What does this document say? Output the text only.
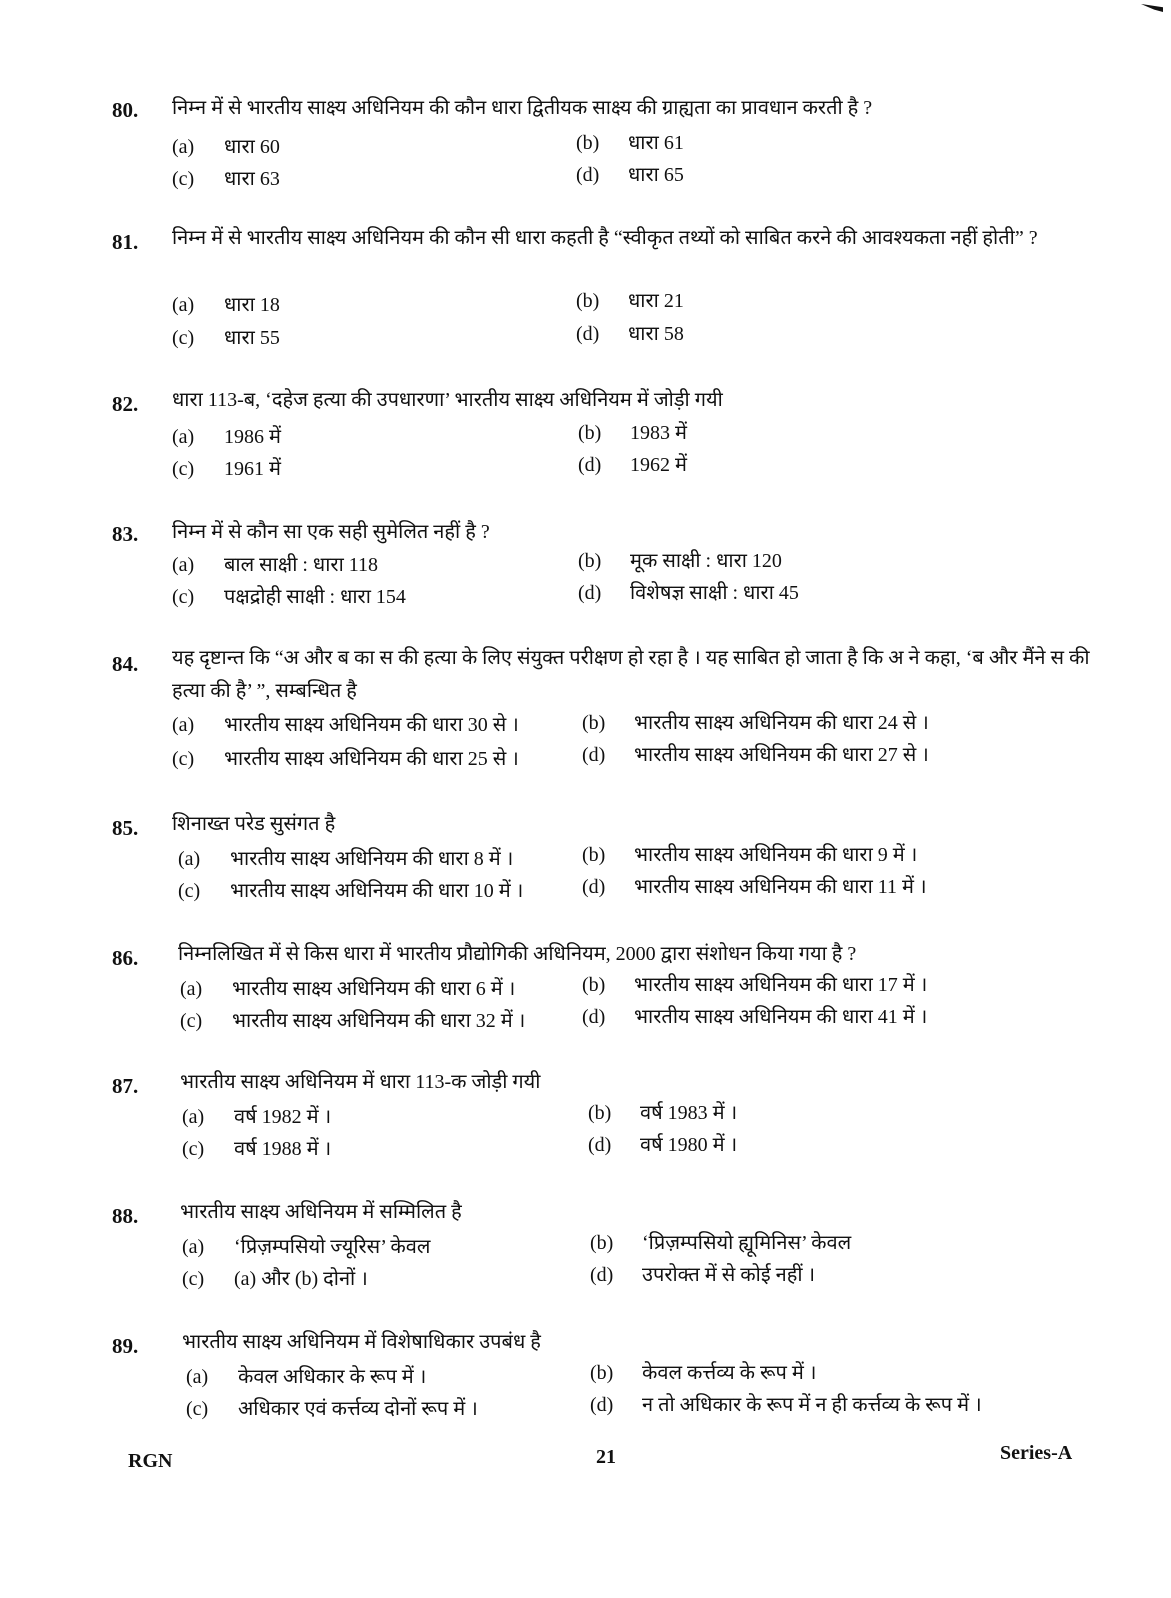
80. निम्न में से भारतीय साक्ष्य अधिनियम की कौन धारा द्वितीयक साक्ष्य की ग्राह्यता का प्रावधान करती है ?
(a) धारा 60	(b) धारा 61
(c) धारा 63	(d) धारा 65
81. निम्न में से भारतीय साक्ष्य अधिनियम की कौन सी धारा कहती है “स्वीकृत तथ्यों को साबित करने की आवश्यकता नहीं होती” ?
(a) धारा 18	(b) धारा 21
(c) धारा 55	(d) धारा 58
82. धारा 113-ब, ‘दहेज हत्या की उपधारणा’ भारतीय साक्ष्य अधिनियम में जोड़ी गयी
(a) 1986 में	(b) 1983 में
(c) 1961 में	(d) 1962 में
83. निम्न में से कौन सा एक सही सुमेलित नहीं है ?
(a) बाल साक्षी : धारा 118	(b) मूक साक्षी : धारा 120
(c) पक्षद्रोही साक्षी : धारा 154	(d) विशेषज्ञ साक्षी : धारा 45
84. यह दृष्टान्त कि “अ और ब का स की हत्या के लिए संयुक्त परीक्षण हो रहा है । यह साबित हो जाता है कि अ ने कहा, ‘ब और मैंने स की हत्या की है’ ”, सम्बन्धित है
(a) भारतीय साक्ष्य अधिनियम की धारा 30 से ।	(b) भारतीय साक्ष्य अधिनियम की धारा 24 से ।
(c) भारतीय साक्ष्य अधिनियम की धारा 25 से ।	(d) भारतीय साक्ष्य अधिनियम की धारा 27 से ।
85. शिनाख्त परेड सुसंगत है
(a) भारतीय साक्ष्य अधिनियम की धारा 8 में ।	(b) भारतीय साक्ष्य अधिनियम की धारा 9 में ।
(c) भारतीय साक्ष्य अधिनियम की धारा 10 में ।	(d) भारतीय साक्ष्य अधिनियम की धारा 11 में ।
86. निम्नलिखित में से किस धारा में भारतीय प्रौद्योगिकी अधिनियम, 2000 द्वारा संशोधन किया गया है ?
(a) भारतीय साक्ष्य अधिनियम की धारा 6 में ।	(b) भारतीय साक्ष्य अधिनियम की धारा 17 में ।
(c) भारतीय साक्ष्य अधिनियम की धारा 32 में ।	(d) भारतीय साक्ष्य अधिनियम की धारा 41 में ।
87. भारतीय साक्ष्य अधिनियम में धारा 113-क जोड़ी गयी
(a) वर्ष 1982 में ।	(b) वर्ष 1983 में ।
(c) वर्ष 1988 में ।	(d) वर्ष 1980 में ।
88. भारतीय साक्ष्य अधिनियम में सम्मिलित है
(a) ‘प्रिज़म्पसियो ज्यूरिस’ केवल	(b) ‘प्रिज़म्पसियो ह्यूमिनिस’ केवल
(c) (a) और (b) दोनों ।	(d) उपरोक्त में से कोई नहीं ।
89. भारतीय साक्ष्य अधिनियम में विशेषाधिकार उपबंध है
(a) केवल अधिकार के रूप में ।	(b) केवल कर्त्तव्य के रूप में ।
(c) अधिकार एवं कर्त्तव्य दोनों रूप में ।	(d) न तो अधिकार के रूप में न ही कर्त्तव्य के रूप में ।
RGN	21	Series-A
